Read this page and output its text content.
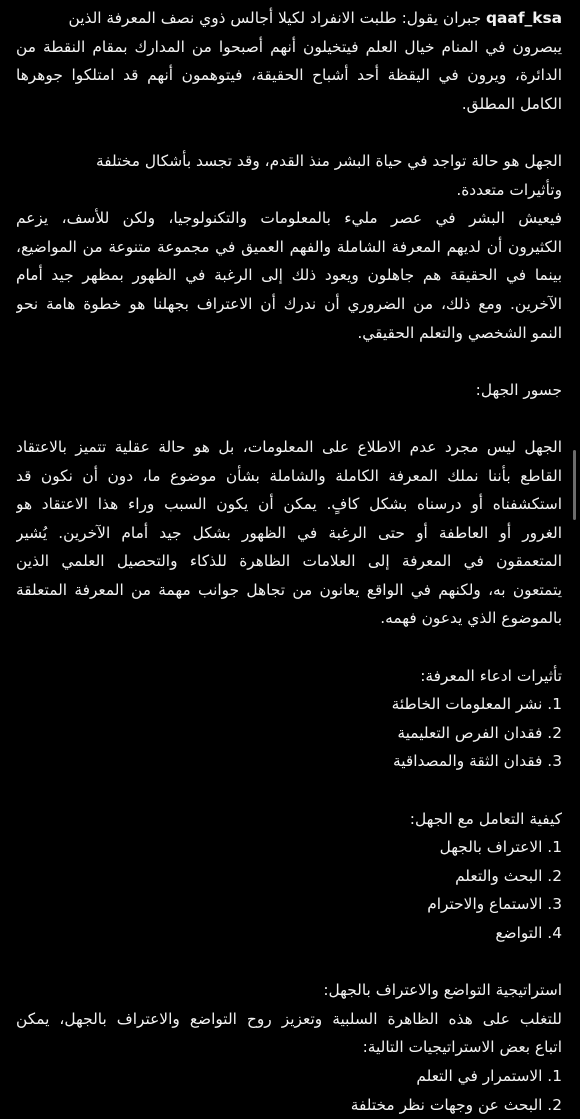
qaaf_ksa جبران يقول: طلبت الانفراد لكيلا أجالس ذوي نصف المعرفة الذين
يبصرون في المنام خيال العلم فيتخيلون أنهم أصبحوا من المدارك بمقام النقطة من
الدائرة، ويرون في اليقظة أحد أشباح الحقيقة، فيتوهمون أنهم قد امتلكوا جوهرها
الكامل المطلق.
الجهل هو حالة تواجد في حياة البشر منذ القدم، وقد تجسد بأشكال مختلفة
وتأثيرات متعددة.
فيعيش البشر في عصر مليء بالمعلومات والتكنولوجيا، ولكن للأسف، يزعم
الكثيرون أن لديهم المعرفة الشاملة والفهم العميق في مجموعة متنوعة من المواضيع،
بينما في الحقيقة هم جاهلون ويعود ذلك إلى الرغبة في الظهور بمظهر جيد أمام
الآخرين. ومع ذلك، من الضروري أن ندرك أن الاعتراف بجهلنا هو خطوة هامة نحو
النمو الشخصي والتعلم الحقيقي.
جسور الجهل:
الجهل ليس مجرد عدم الاطلاع على المعلومات، بل هو حالة عقلية تتميز بالاعتقاد
القاطع بأننا نملك المعرفة الكاملة والشاملة بشأن موضوع ما، دون أن نكون قد
استكشفناه أو درسناه بشكل كافٍ. يمكن أن يكون السبب وراء هذا الاعتقاد هو
الغرور أو العاطفة أو حتى الرغبة في الظهور بشكل جيد أمام الآخرين. يُشير
المتعمقون في المعرفة إلى العلامات الظاهرة للذكاء والتحصيل العلمي الذين
يتمتعون به، ولكنهم في الواقع يعانون من تجاهل جوانب مهمة من المعرفة المتعلقة
بالموضوع الذي يدعون فهمه.
تأثيرات ادعاء المعرفة:
1. نشر المعلومات الخاطئة
2. فقدان الفرص التعليمية
3. فقدان الثقة والمصداقية
كيفية التعامل مع الجهل:
1. الاعتراف بالجهل
2. البحث والتعلم
3. الاستماع والاحترام
4. التواضع
استراتيجية التواضع والاعتراف بالجهل:
للتغلب على هذه الظاهرة السلبية وتعزيز روح التواضع والاعتراف بالجهل، يمكن
اتباع بعض الاستراتيجيات التالية:
1. الاستمرار في التعلم
2. البحث عن وجهات نظر مختلفة
